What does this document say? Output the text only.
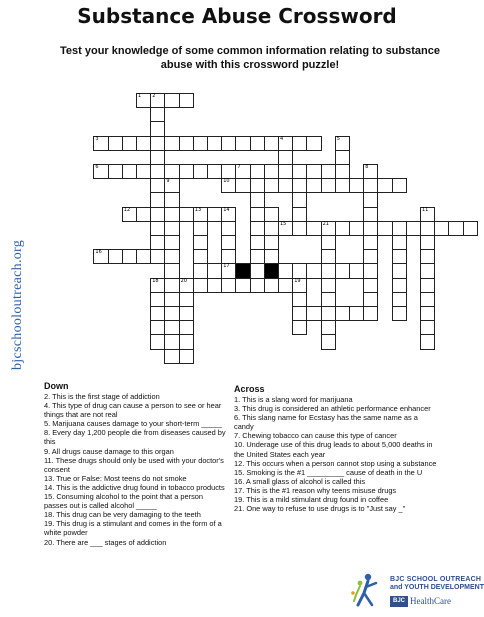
bjcschooloutreach.org
Substance Abuse Crossword
Test your knowledge of some common information relating to substance abuse with this crossword puzzle!
1 2
3	4	5
6	7	8
9	10
12	13	14
17
11
15	21
16
18	20	19
Down
2. This is the first stage of addiction
4. This type of drug can cause a person to see or hear things that are not real
5. Marijuana causes damage to your short-term _____
8. Every day 1,200 people die from diseases caused by this
9. All drugs cause damage to this organ
11. These drugs should only be used with your doctor's consent
13. True or False: Most teens do not smoke
14. This is the addictive drug found in tobacco products
15. Consuming alcohol to the point that a person passes out is called alcohol _____
18. This drug can be very damaging to the teeth
19. This drug is a stimulant and comes in the form of a white powder
20. There are ___ stages of addiction
Across
1. This is a slang word for marijuana
3. This drug is considered an athletic performance enhancer
6. This slang name for Ecstasy has the same name as a candy
7. Chewing tobacco can cause this type of cancer
10. Underage use of this drug leads to about 5,000 deaths in the United States each year
12. This occurs when a person cannot stop using a substance
15. Smoking is the #1 _________ cause of death in the U
16. A small glass of alcohol is called this
17. This is the #1 reason why teens misuse drugs
19. This is a mild stimulant drug found in coffee
21. One way to refuse to use drugs is to "Just say _"
BJC SCHOOL OUTREACH
and YOUTH DEVELOPMENT
BJC HealthCare
